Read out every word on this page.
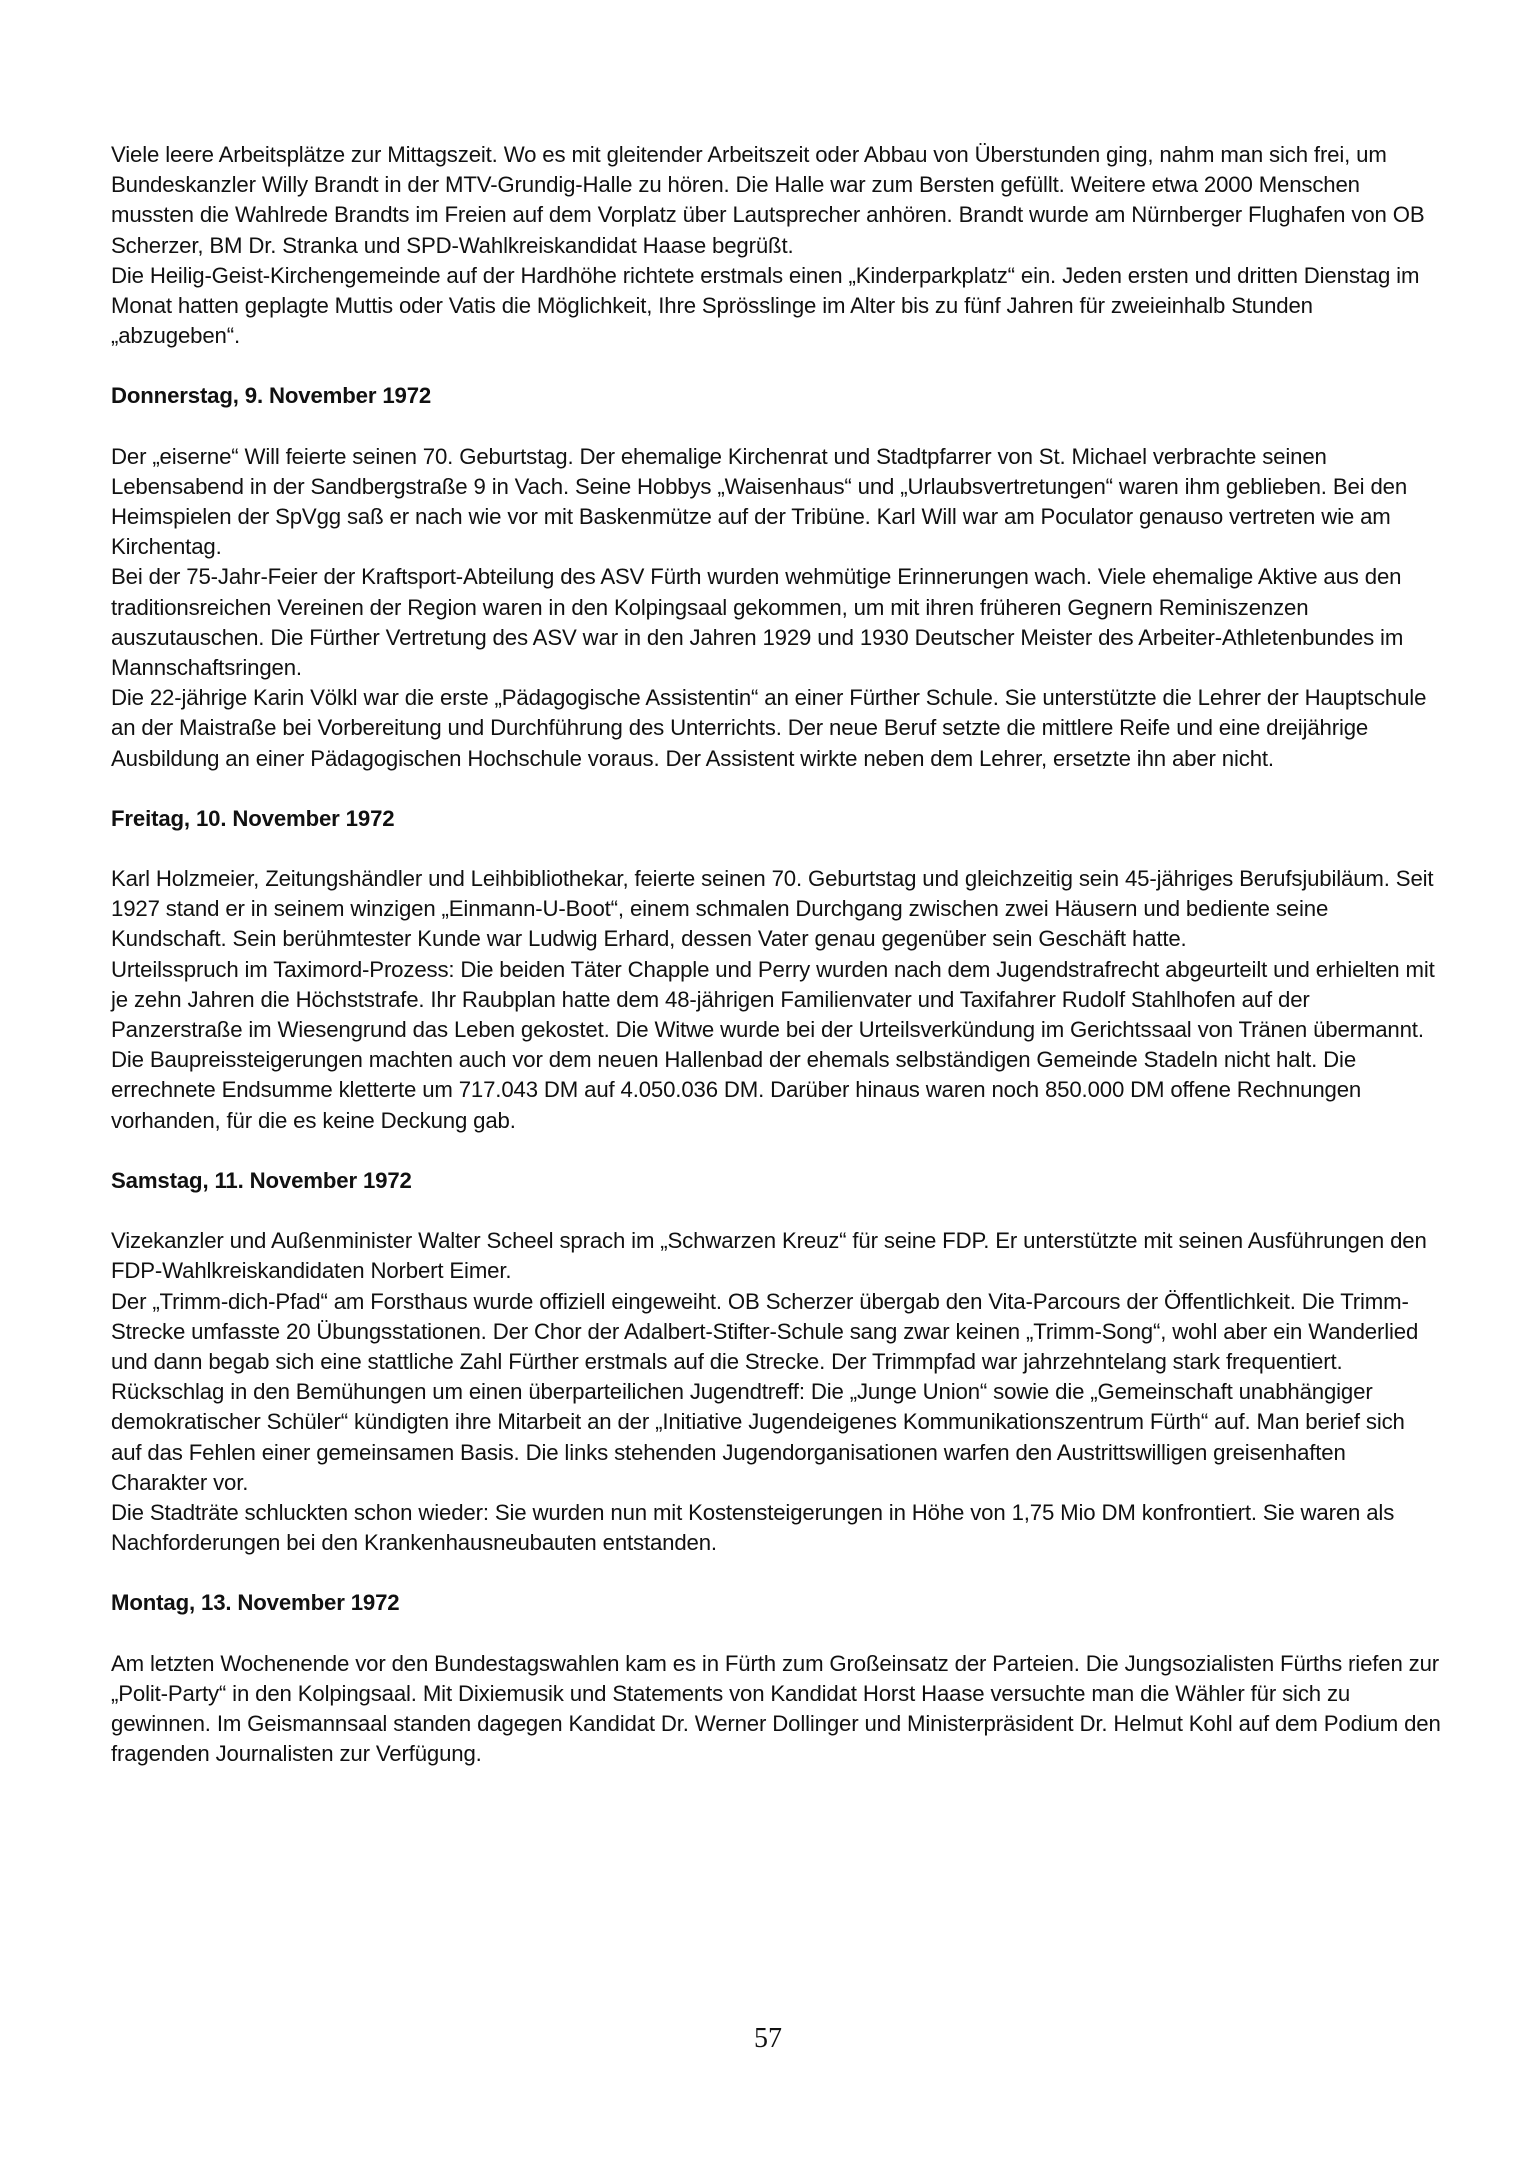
Viele leere Arbeitsplätze zur Mittagszeit. Wo es mit gleitender Arbeitszeit oder Abbau von Überstunden ging, nahm man sich frei, um Bundeskanzler Willy Brandt in der MTV-Grundig-Halle zu hören. Die Halle war zum Bersten gefüllt. Weitere etwa 2000 Menschen mussten die Wahlrede Brandts im Freien auf dem Vorplatz über Lautsprecher anhören. Brandt wurde am Nürnberger Flughafen von OB Scherzer, BM Dr. Stranka und SPD-Wahlkreiskandidat Haase begrüßt.

Die Heilig-Geist-Kirchengemeinde auf der Hardhöhe richtete erstmals einen „Kinderparkplatz“ ein. Jeden ersten und dritten Dienstag im Monat hatten geplagte Muttis oder Vatis die Möglichkeit, Ihre Sprösslinge im Alter bis zu fünf Jahren für zweieinhalb Stunden „abzugeben“.

Donnerstag, 9. November 1972

Der „eiserne“ Will feierte seinen 70. Geburtstag. Der ehemalige Kirchenrat und Stadtpfarrer von St. Michael verbrachte seinen Lebensabend in der Sandbergstraße 9 in Vach. Seine Hobbys „Waisenhaus“ und „Urlaubsvertretungen“ waren ihm geblieben. Bei den Heimspielen der SpVgg saß er nach wie vor mit Baskenmütze auf der Tribüne. Karl Will war am Poculator genauso vertreten wie am Kirchentag.

Bei der 75-Jahr-Feier der Kraftsport-Abteilung des ASV Fürth wurden wehmütige Erinnerungen wach. Viele ehemalige Aktive aus den traditionsreichen Vereinen der Region waren in den Kolpingsaal gekommen, um mit ihren früheren Gegnern Reminiszenzen auszutauschen. Die Fürther Vertretung des ASV war in den Jahren 1929 und 1930 Deutscher Meister des Arbeiter-Athletenbundes im Mannschaftsringen.

Die 22-jährige Karin Völkl war die erste „Pädagogische Assistentin“ an einer Fürther Schule. Sie unterstützte die Lehrer der Hauptschule an der Maistraße bei Vorbereitung und Durchführung des Unterrichts. Der neue Beruf setzte die mittlere Reife und eine dreijährige Ausbildung an einer Pädagogischen Hochschule voraus. Der Assistent wirkte neben dem Lehrer, ersetzte ihn aber nicht.

Freitag, 10. November 1972

Karl Holzmeier, Zeitungshändler und Leihbibliothekar, feierte seinen 70. Geburtstag und gleichzeitig sein 45-jähriges Berufsjubiläum. Seit 1927 stand er in seinem winzigen „Einmann-U-Boot“, einem schmalen Durchgang zwischen zwei Häusern und bediente seine Kundschaft. Sein berühmtester Kunde war Ludwig Erhard, dessen Vater genau gegenüber sein Geschäft hatte.

Urteilsspruch im Taximord-Prozess: Die beiden Täter Chapple und Perry wurden nach dem Jugendstrafrecht abgeurteilt und erhielten mit je zehn Jahren die Höchststrafe. Ihr Raubplan hatte dem 48-jährigen Familienvater und Taxifahrer Rudolf Stahlhofen auf der Panzerstraße im Wiesengrund das Leben gekostet. Die Witwe wurde bei der Urteilsverkündung im Gerichtssaal von Tränen übermannt.

Die Baupreissteigerungen machten auch vor dem neuen Hallenbad der ehemals selbständigen Gemeinde Stadeln nicht halt. Die errechnete Endsumme kletterte um 717.043 DM auf 4.050.036 DM. Darüber hinaus waren noch 850.000 DM offene Rechnungen vorhanden, für die es keine Deckung gab.

Samstag, 11. November 1972

Vizekanzler und Außenminister Walter Scheel sprach im „Schwarzen Kreuz“ für seine FDP. Er unterstützte mit seinen Ausführungen den FDP-Wahlkreiskandidaten Norbert Eimer.

Der „Trimm-dich-Pfad“ am Forsthaus wurde offiziell eingeweiht. OB Scherzer übergab den Vita-Parcours der Öffentlichkeit. Die Trimm-Strecke umfasste 20 Übungsstationen. Der Chor der Adalbert-Stifter-Schule sang zwar keinen „Trimm-Song“, wohl aber ein Wanderlied und dann begab sich eine stattliche Zahl Fürther erstmals auf die Strecke. Der Trimmpfad war jahrzehntelang stark frequentiert.

Rückschlag in den Bemühungen um einen überparteilichen Jugendtreff: Die „Junge Union“ sowie die „Gemeinschaft unabhängiger demokratischer Schüler“ kündigten ihre Mitarbeit an der „Initiative Jugendeigenes Kommunikationszentrum Fürth“ auf. Man berief sich auf das Fehlen einer gemeinsamen Basis. Die links stehenden Jugendorganisationen warfen den Austrittswilligen greisenhaften Charakter vor.

Die Stadträte schluckten schon wieder: Sie wurden nun mit Kostensteigerungen in Höhe von 1,75 Mio DM konfrontiert. Sie waren als Nachforderungen bei den Krankenhausneubauten entstanden.

Montag, 13. November 1972

Am letzten Wochenende vor den Bundestagswahlen kam es in Fürth zum Großeinsatz der Parteien. Die Jungsozialisten Fürths riefen zur „Polit-Party“ in den Kolpingsaal. Mit Dixiemusik und Statements von Kandidat Horst Haase versuchte man die Wähler für sich zu gewinnen. Im Geismannsaal standen dagegen Kandidat Dr. Werner Dollinger und Ministerpräsident Dr. Helmut Kohl auf dem Podium den fragenden Journalisten zur Verfügung.

57
